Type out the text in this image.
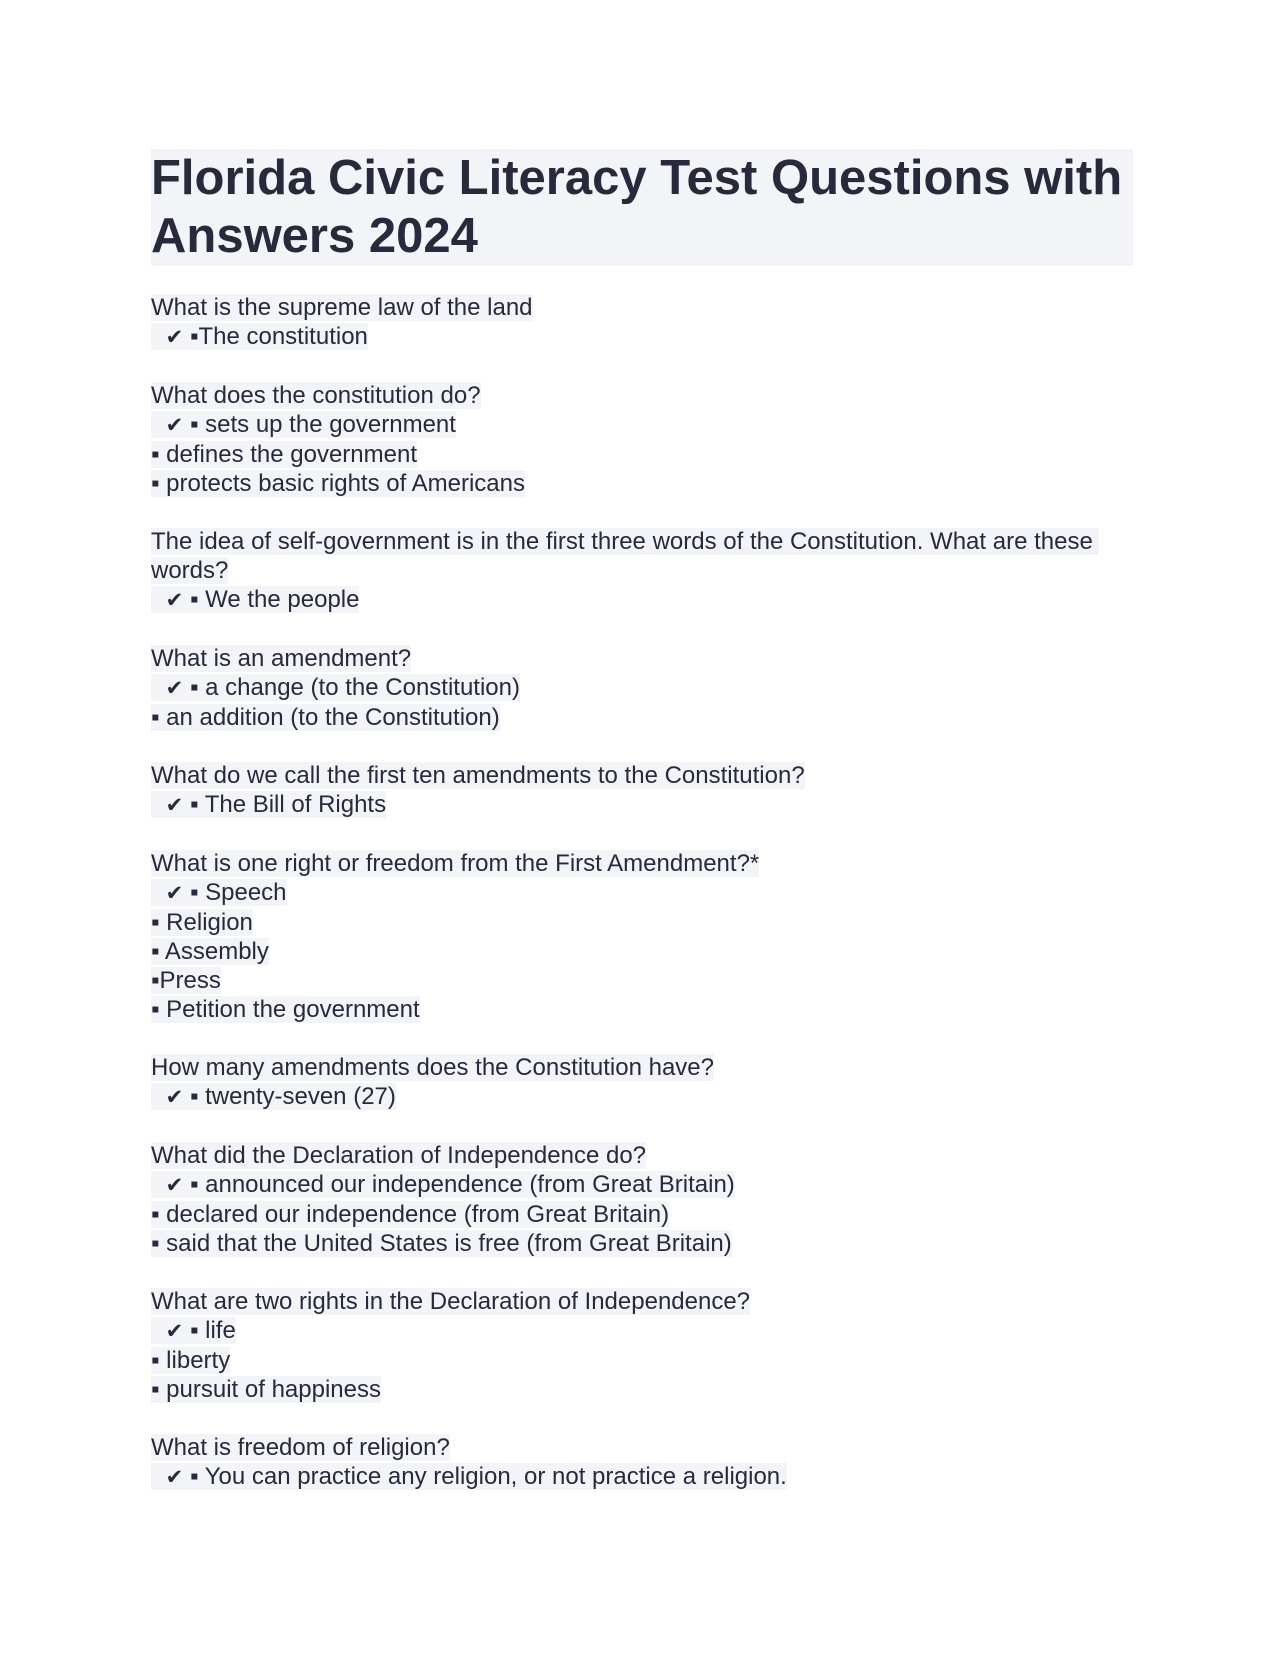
Florida Civic Literacy Test Questions with Answers 2024
What is the supreme law of the land
✔ ▪The constitution
What does the constitution do?
✔ ▪ sets up the government
▪ defines the government
▪ protects basic rights of Americans
The idea of self-government is in the first three words of the Constitution. What are these words?
✔ ▪ We the people
What is an amendment?
✔ ▪ a change (to the Constitution)
▪ an addition (to the Constitution)
What do we call the first ten amendments to the Constitution?
✔ ▪ The Bill of Rights
What is one right or freedom from the First Amendment?*
✔ ▪ Speech
▪ Religion
▪ Assembly
▪Press
▪ Petition the government
How many amendments does the Constitution have?
✔ ▪ twenty-seven (27)
What did the Declaration of Independence do?
✔ ▪ announced our independence (from Great Britain)
▪ declared our independence (from Great Britain)
▪ said that the United States is free (from Great Britain)
What are two rights in the Declaration of Independence?
✔ ▪ life
▪ liberty
▪ pursuit of happiness
What is freedom of religion?
✔ ▪ You can practice any religion, or not practice a religion.
